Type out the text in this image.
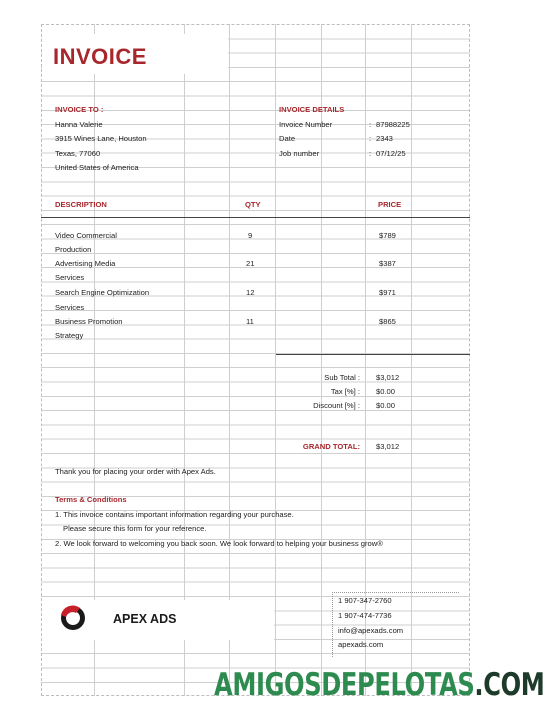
INVOICE
INVOICE TO :
Hanna Valerie
3915 Wines Lane, Houston
Texas, 77060
United States of America
INVOICE DETAILS
Invoice Number	: 87988225
Date	: 2343
Job number	: 07/12/25
DESCRIPTION	QTY	PRICE
Video Commercial
Production
9	$789
Advertising Media
Services
21	$387
Search Engine Optimization
Services
12	$971
Business Promotion
Strategy
11	$865
Sub Total : $3,012
Tax [%] : $0.00
Discount [%] : $0.00
GRAND TOTAL: $3,012
Thank you for placing your order with Apex Ads.
Terms & Conditions
1. This invoice contains important information regarding your purchase.
Please secure this form for your reference.
2. We look forward to welcoming you back soon. We look forward to helping your business grow®
APEX ADS
1 907-347-2760
1 907-474-7736
info@apexads.com
apexads.com
AMIGOSDEPELOTAS.COM
